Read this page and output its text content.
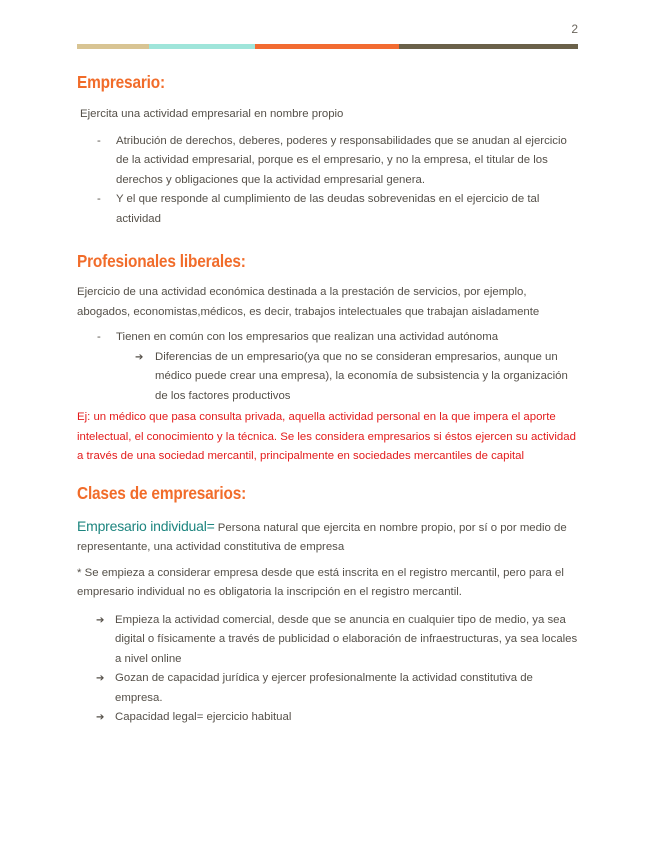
2
Empresario:

Ejercita una actividad empresarial en nombre propio

- Atribución de derechos, deberes, poderes y responsabilidades que se anudan al ejercicio de la actividad empresarial, porque es el empresario, y no la empresa, el titular de los derechos y obligaciones que la actividad empresarial genera.
- Y el que responde al cumplimiento de las deudas sobrevenidas en el ejercicio de tal actividad
Profesionales liberales:

Ejercicio de una actividad económica destinada a la prestación de servicios, por ejemplo, abogados, economistas,médicos, es decir, trabajos intelectuales que trabajan aisladamente

- Tienen en común con los empresarios que realizan una actividad autónoma
➔ Diferencias de un empresario(ya que no se consideran empresarios, aunque un médico puede crear una empresa), la economía de subsistencia y la organización de los factores productivos

Ej: un médico que pasa consulta privada, aquella actividad personal en la que impera el aporte intelectual, el conocimiento y la técnica. Se les considera empresarios si éstos ejercen su actividad a través de una sociedad mercantil, principalmente en sociedades mercantiles de capital

Clases de empresarios:

Empresario individual= Persona natural que ejercita en nombre propio, por sí o por medio de representante, una actividad constitutiva de empresa

* Se empieza a considerar empresa desde que está inscrita en el registro mercantil, pero para el empresario individual no es obligatoria la inscripción en el registro mercantil.

➔ Empieza la actividad comercial, desde que se anuncia en cualquier tipo de medio, ya sea digital o físicamente a través de publicidad o elaboración de infraestructuras, ya sea locales a nivel online
➔ Gozan de capacidad jurídica y ejercer profesionalmente la actividad constitutiva de empresa.
➔ Capacidad legal= ejercicio habitual
